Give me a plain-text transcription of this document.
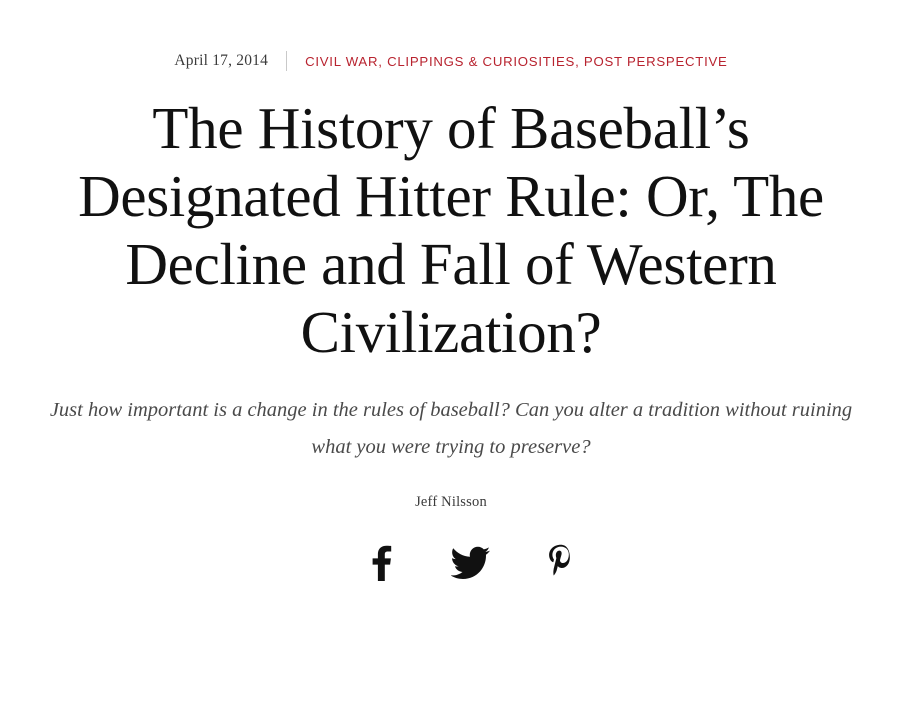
April 17, 2014	CIVIL WAR, CLIPPINGS & CURIOSITIES, POST PERSPECTIVE
The History of Baseball’s Designated Hitter Rule: Or, The Decline and Fall of Western Civilization?

Just how important is a change in the rules of baseball? Can you alter a tradition without ruining what you were trying to preserve?

Jeff Nilsson
